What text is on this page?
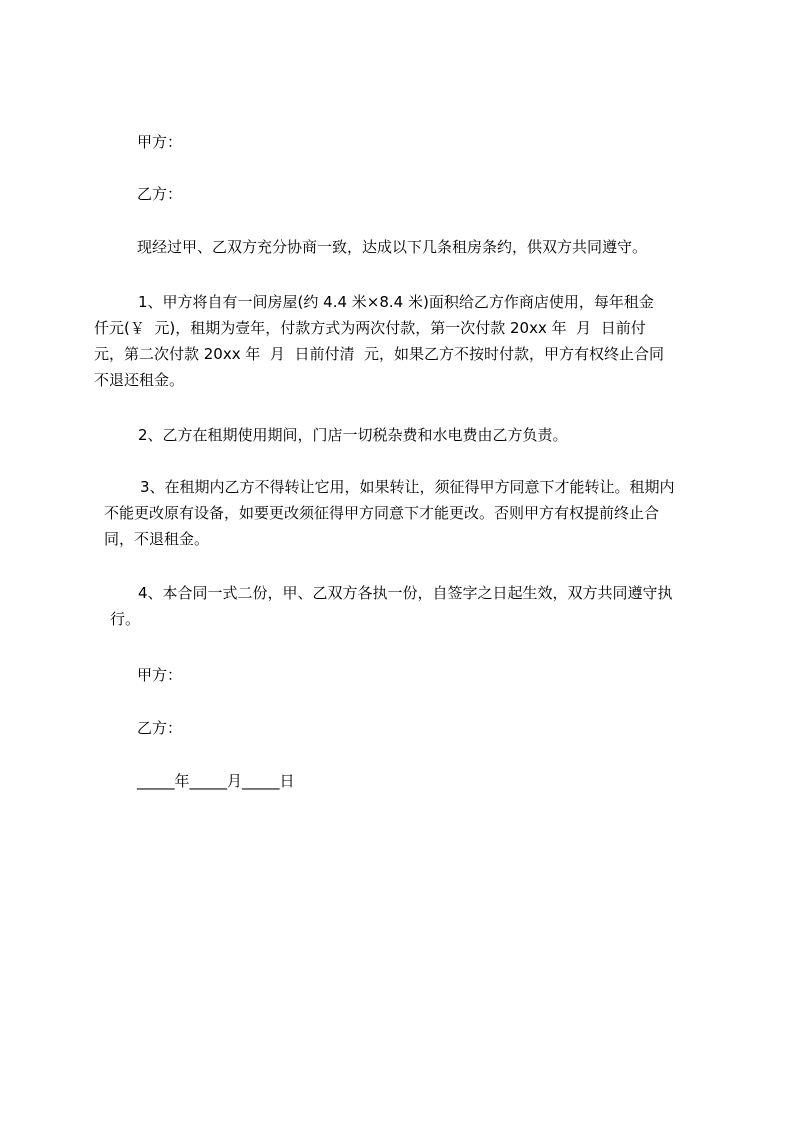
甲方：
乙方：
现经过甲、乙双方充分协商一致，达成以下几条租房条约，供双方共同遵守。
1、甲方将自有一间房屋(约 4.4 米×8.4 米)面积给乙方作商店使用，每年租金
仟元(￥  元)，租期为壹年，付款方式为两次付款，第一次付款 20xx 年  月  日前付
元，第二次付款 20xx 年  月  日前付清  元，如果乙方不按时付款，甲方有权终止合同
不退还租金。
2、乙方在租期使用期间，门店一切税杂费和水电费由乙方负责。
3、在租期内乙方不得转让它用，如果转让，须征得甲方同意下才能转让。租期内
不能更改原有设备，如要更改须征得甲方同意下才能更改。否则甲方有权提前终止合
同，不退租金。
4、本合同一式二份，甲、乙双方各执一份，自签字之日起生效，双方共同遵守执
行。
甲方：
乙方：
_____年_____月_____日
